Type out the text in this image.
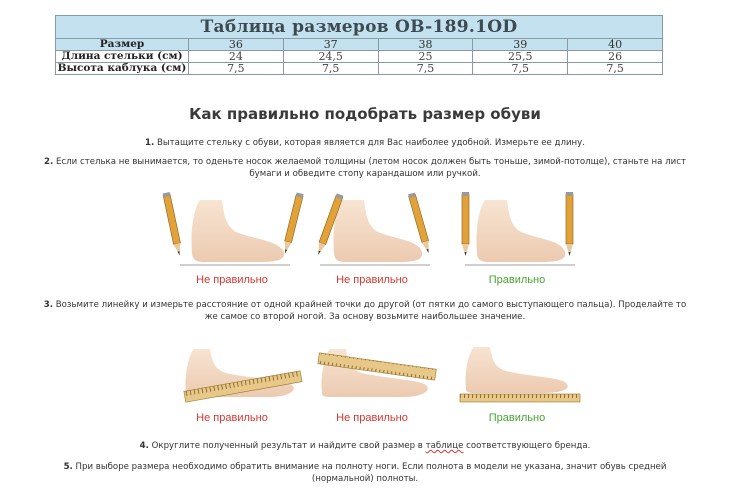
Таблица размеров OB-189.1OD					
Размер	36	37	38	39	40
Длина стельки (см)	24	24,5	25	25,5	26
Высота каблука (см)	7,5	7,5	7,5	7,5	7,5
Как правильно подобрать размер обуви
1. Вытащите стельку с обуви, которая является для Вас наиболее удобной. Измерьте ее длину.
2. Если стелька не вынимается, то оденьте носок желаемой толщины (летом носок должен быть тоньше, зимой-потолще), станьте на лист
бумаги и обведите стопу карандашом или ручкой.
Не правильно	Не правильно	Правильно
3. Возьмите линейку и измерьте расстояние от одной крайней точки до другой (от пятки до самого выступающего пальца). Проделайте то
же самое со второй ногой. За основу возьмите наибольшее значение.
Не правильно	Не правильно	Правильно
4. Округлите полученный результат и найдите свой размер в таблице соответствующего бренда.
5. При выборе размера необходимо обратить внимание на полноту ноги. Если полнота в модели не указана, значит обувь средней
(нормальной) полноты.
